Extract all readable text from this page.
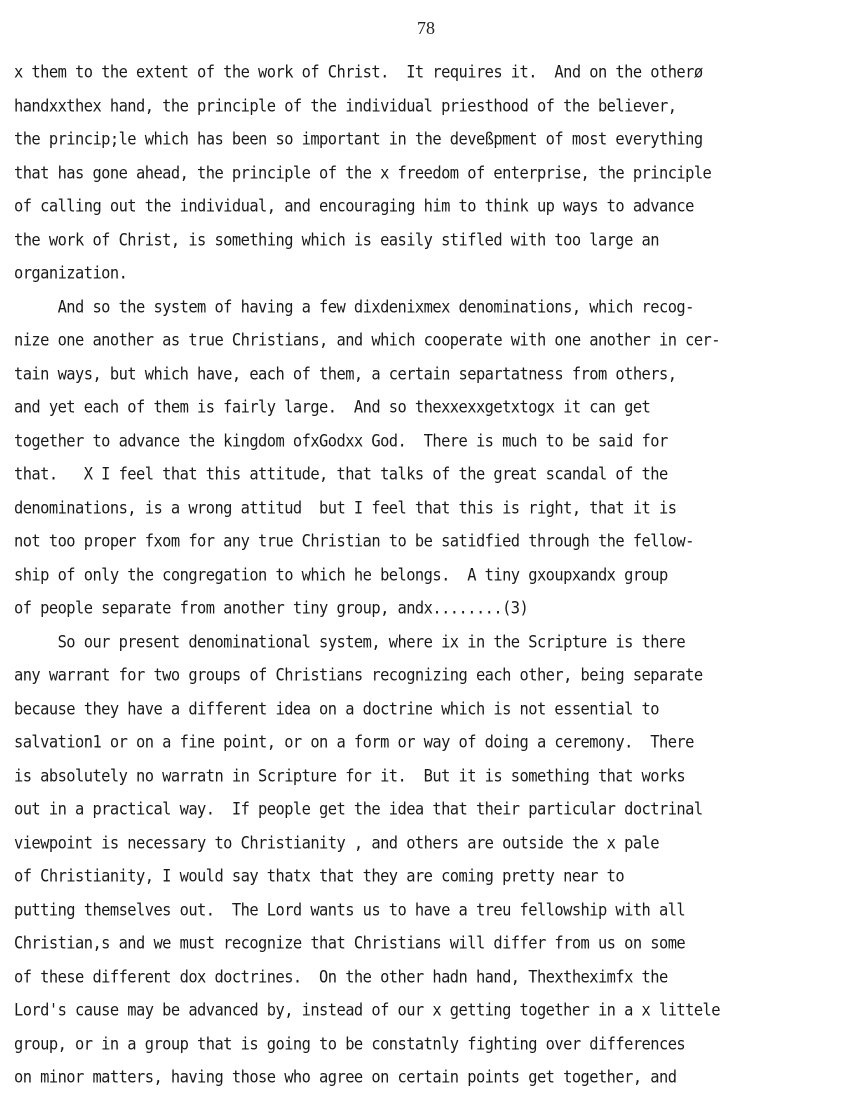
78
x them to the extent of the work of Christ.  It requires it.  And on the otherø
handxxthex hand, the principle of the individual priesthood of the believer,
the princip;le which has been so important in the deveßpment of most everything
that has gone ahead, the principle of the x freedom of enterprise, the principle
of calling out the individual, and encouraging him to think up ways to advance
the work of Christ, is something which is easily stifled with too large an
organization.
And so the system of having a few dixdenixmex denominations, which recog-
nize one another as true Christians, and which cooperate with one another in cer-
tain ways, but which have, each of them, a certain separtatness from others,
and yet each of them is fairly large.  And so thexxexxgetxtogx it can get
together to advance the kingdom ofxGodxx God.  There is much to be said for
that.   X I feel that this attitude, that talks of the great scandal of the
denominations, is a wrong attitud  but I feel that this is right, that it is
not too proper fxom for any true Christian to be satidfied through the fellow-
ship of only the congregation to which he belongs.  A tiny gxoupxandx group
of people separate from another tiny group, andx........(3)
So our present denominational system, where ix in the Scripture is there
any warrant for two groups of Christians recognizing each other, being separate
because they have a different idea on a doctrine which is not essential to
salvation1 or on a fine point, or on a form or way of doing a ceremony.  There
is absolutely no warratn in Scripture for it.  But it is something that works
out in a practical way.  If people get the idea that their particular doctrinal
viewpoint is necessary to Christianity , and others are outside the x pale
of Christianity, I would say thatx that they are coming pretty near to
putting themselves out.  The Lord wants us to have a treu fellowship with all
Christian,s and we must recognize that Christians will differ from us on some
of these different dox doctrines.  On the other hadn hand, Thextheximfx the
Lord's cause may be advanced by, instead of our x getting together in a x littele
group, or in a group that is going to be constatnly fighting over differences
on minor matters, having those who agree on certain points get together, and
